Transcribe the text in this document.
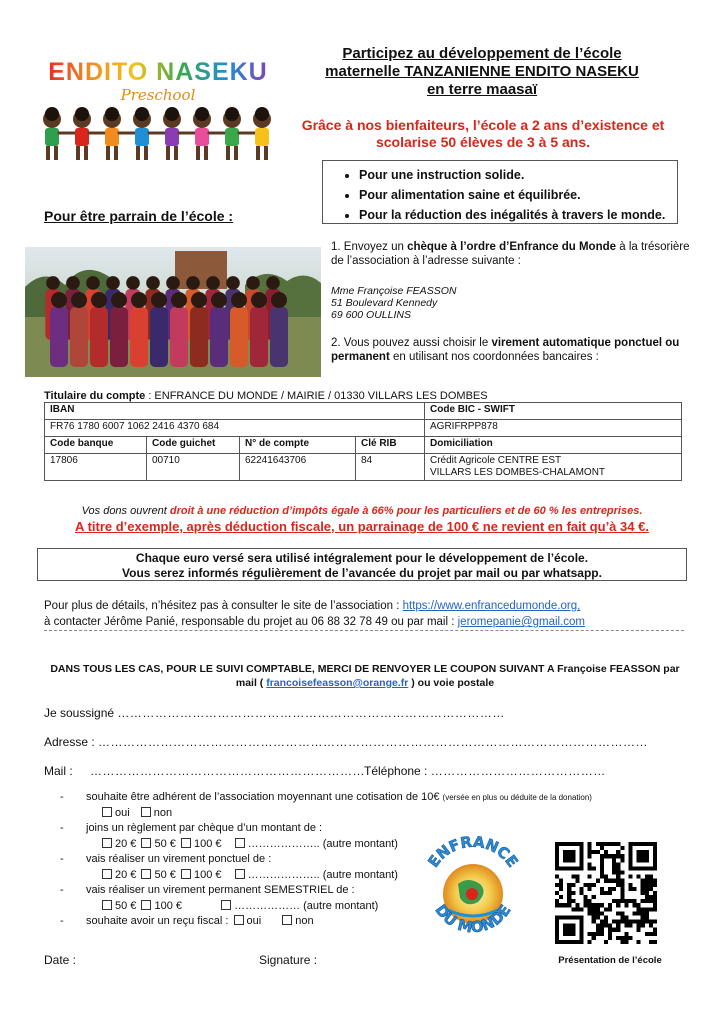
ENDITO NASEKU
Preschool
Participez au développement de l’école
maternelle TANZANIENNE ENDITO NASEKU
en terre maasaï
Grâce à nos bienfaiteurs, l’école a 2 ans d’existence et
scolarise 50 élèves de 3 à 5 ans.
• Pour une instruction solide.
• Pour alimentation saine et équilibrée.
• Pour la réduction des inégalités à travers le monde.
Pour être parrain de l’école :
1. Envoyez un chèque à l’ordre d’Enfrance du Monde à la trésorière de l’association à l’adresse suivante :
Mme Françoise FEASSON
51 Boulevard Kennedy
69 600 OULLINS
2. Vous pouvez aussi choisir le virement automatique ponctuel ou permanent en utilisant nos coordonnées bancaires :
Titulaire du compte : ENFRANCE DU MONDE / MAIRIE / 01330 VILLARS LES DOMBES
IBAN				Code BIC - SWIFT
FR76 1780 6007 1062 2416 4370 684				AGRIFRPP878
Code banque	Code guichet	N° de compte	Clé RIB	Domiciliation
17806	00710	62241643706	84	Crédit Agricole CENTRE EST
VILLARS LES DOMBES-CHALAMONT
Vos dons ouvrent droit à une réduction d’impôts égale à 66% pour les particuliers et de 60 % les entreprises.
A titre d’exemple, après déduction fiscale, un parrainage de 100 € ne revient en fait qu’à 34 €.
Chaque euro versé sera utilisé intégralement pour le développement de l’école.
Vous serez informés régulièrement de l’avancée du projet par mail ou par whatsapp.
Pour plus de détails, n’hésitez pas à consulter le site de l’association : https://www.enfrancedumonde.org,
à contacter Jérôme Panié, responsable du projet au 06 88 32 78 49 ou par mail : jeromepanie@gmail.com
DANS TOUS LES CAS, POUR LE SUIVI COMPTABLE, MERCI DE RENVOYER LE COUPON SUIVANT A Françoise FEASSON par mail ( francoisefeasson@orange.fr ) ou voie postale
Je soussigné …………………………………………………………………………………
Adresse : ……………………………………………………………………………………………………………………
Mail : …………………………………………………………
Téléphone : ……………………………………
- souhaite être adhérent de l’association moyennant une cotisation de 10€ (versée en plus ou déduite de la donation)
oui non
- joins un règlement par chèque d’un montant de :
20 € 50 € 100 € ……………….. (autre montant)
- vais réaliser un virement ponctuel de :
20 € 50 € 100 € ……………….. (autre montant)
- vais réaliser un virement permanent SEMESTRIEL de :
50 € 100 €	……………… (autre montant)
- souhaite avoir un reçu fiscal : oui	non
ENFRANCE
DU MONDE
Présentation de l’école
Date :	Signature :
